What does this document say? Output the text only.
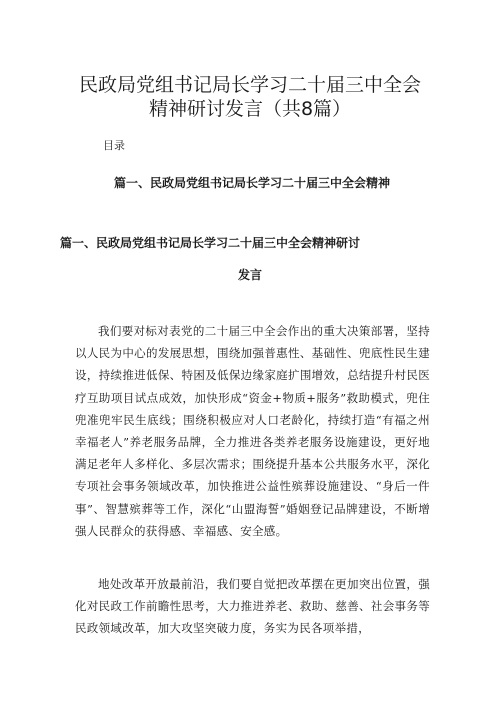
民政局党组书记局长学习二十届三中全会
精神研讨发言（共8篇）
目录
篇一、民政局党组书记局长学习二十届三中全会精神
篇一、民政局党组书记局长学习二十届三中全会精神研讨
发言

我们要对标对表党的二十届三中全会作出的重大决策部署，坚持以人民为中心的发展思想，围绕加强普惠性、基础性、兜底性民生建设，持续推进低保、特困及低保边缘家庭扩围增效，总结提升村民医疗互助项目试点成效，加快形成“资金+物质+服务”救助模式，兜住兜准兜牢民生底线；围绕积极应对人口老龄化，持续打造“有福之州幸福老人”养老服务品牌，全力推进各类养老服务设施建设，更好地满足老年人多样化、多层次需求；围绕提升基本公共服务水平，深化专项社会事务领域改革，加快推进公益性殡葬设施建设、“身后一件事”、智慧殡葬等工作，深化“山盟海誓”婚姻登记品牌建设，不断增强人民群众的获得感、幸福感、安全感。

地处改革开放最前沿，我们要自觉把改革摆在更加突出位置，强化对民政工作前瞻性思考，大力推进养老、救助、慈善、社会事务等民政领域改革，加大攻坚突破力度，务实为民各项举措，
